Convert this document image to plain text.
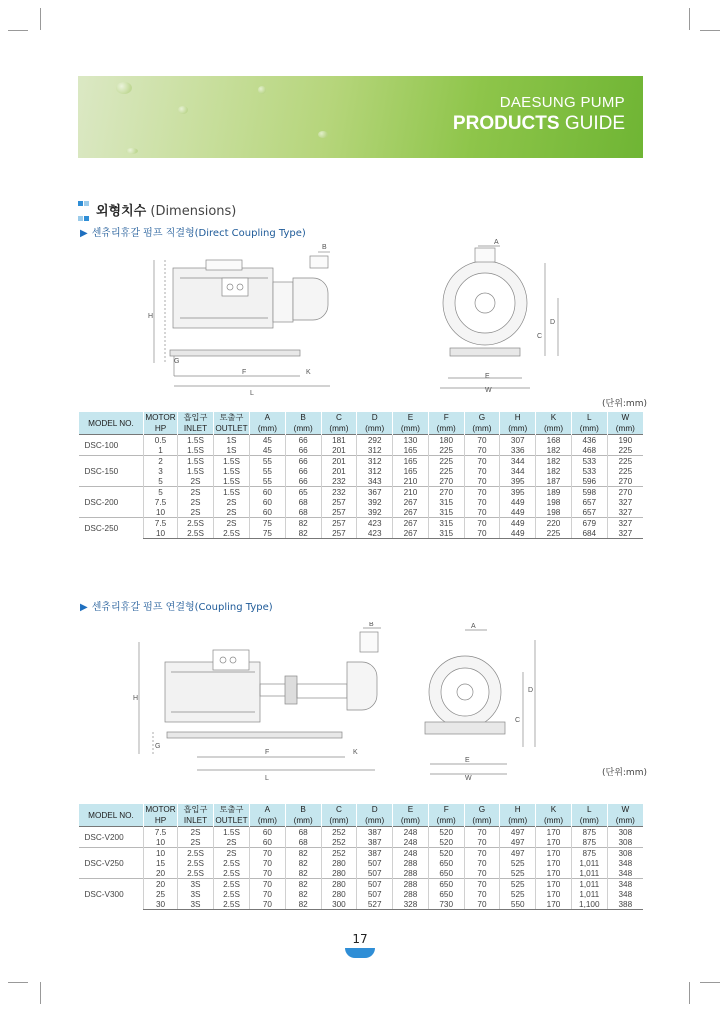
DAESUNG PUMP
PRODUCTS GUIDE

외형치수 (Dimensions)
▶ 센츄리휴갈 펌프 직결형(Direct Coupling Type)
B
H
G
F	K
L
A
C
D
E
W
(단위:mm)
MODEL NO.	MOTOR	흡입구	토출구	A	B	C	D	E	F	G	H	K	L	W
	HP	INLET	OUTLET	(mm)	(mm)	(mm)	(mm)	(mm)	(mm)	(mm)	(mm)	(mm)	(mm)	(mm)
DSC-100	0.5	1.5S	1S	45	66	181	292	130	180	70	307	168	436	190
	1	1.5S	1S	45	66	201	312	165	225	70	336	182	468	225
DSC-150	2	1.5S	1.5S	55	66	201	312	165	225	70	344	182	533	225
	3	1.5S	1.5S	55	66	201	312	165	225	70	344	182	533	225
	5	2S	1.5S	55	66	232	343	210	270	70	395	187	596	270
DSC-200	5	2S	1.5S	60	65	232	367	210	270	70	395	189	598	270
	7.5	2S	2S	60	68	257	392	267	315	70	449	198	657	327
	10	2S	2S	60	68	257	392	267	315	70	449	198	657	327
DSC-250	7.5	2.5S	2S	75	82	257	423	267	315	70	449	220	679	327
	10	2.5S	2.5S	75	82	257	423	267	315	70	449	225	684	327
▶ 센츄리휴갈 펌프 연결형(Coupling Type)
B
H
G
F	K
L
A
C
D
E
W
(단위:mm)
MODEL NO.	MOTOR	흡입구	토출구	A	B	C	D	E	F	G	H	K	L	W
	HP	INLET	OUTLET	(mm)	(mm)	(mm)	(mm)	(mm)	(mm)	(mm)	(mm)	(mm)	(mm)	(mm)
DSC-V200	7.5	2S	1.5S	60	68	252	387	248	520	70	497	170	875	308
	10	2S	2S	60	68	252	387	248	520	70	497	170	875	308
DSC-V250	10	2.5S	2S	70	82	252	387	248	520	70	497	170	875	308
	15	2.5S	2.5S	70	82	280	507	288	650	70	525	170	1,011	348
	20	2.5S	2.5S	70	82	280	507	288	650	70	525	170	1,011	348
DSC-V300	20	3S	2.5S	70	82	280	507	288	650	70	525	170	1,011	348
	25	3S	2.5S	70	82	280	507	288	650	70	525	170	1,011	348
	30	3S	2.5S	70	82	300	527	328	730	70	550	170	1,100	388
17
